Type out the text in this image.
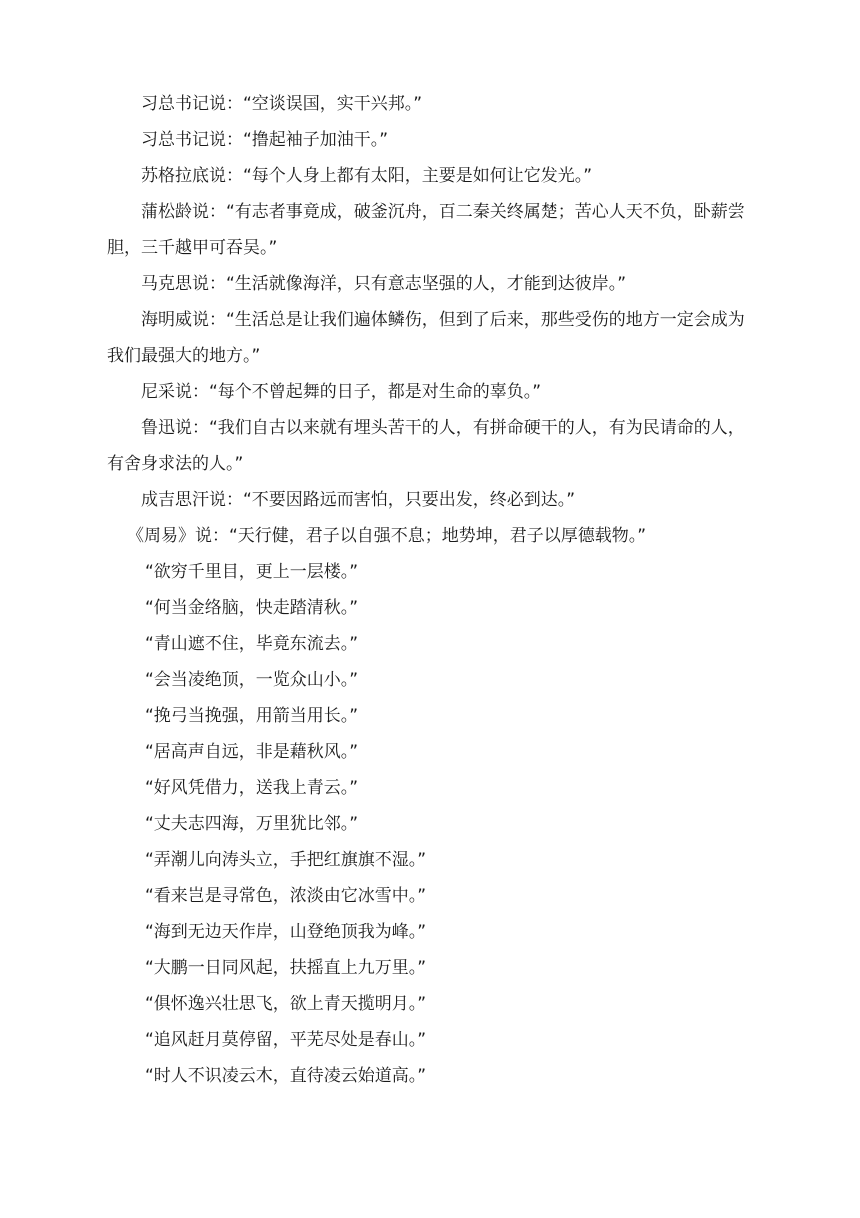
习总书记说：“空谈误国，实干兴邦。”

习总书记说：“撸起袖子加油干。”

苏格拉底说：“每个人身上都有太阳，主要是如何让它发光。”

蒲松龄说：“有志者事竟成，破釜沉舟，百二秦关终属楚；苦心人天不负，卧薪尝胆，三千越甲可吞吴。”

马克思说：“生活就像海洋，只有意志坚强的人，才能到达彼岸。”

海明威说：“生活总是让我们遍体鳞伤，但到了后来，那些受伤的地方一定会成为我们最强大的地方。”

尼采说：“每个不曾起舞的日子，都是对生命的辜负。”

鲁迅说：“我们自古以来就有埋头苦干的人，有拼命硬干的人，有为民请命的人，有舍身求法的人。”

成吉思汗说：“不要因路远而害怕，只要出发，终必到达。”

《周易》说：“天行健，君子以自强不息；地势坤，君子以厚德载物。”

“欲穷千里目，更上一层楼。”

“何当金络脑，快走踏清秋。”

“青山遮不住，毕竟东流去。”

“会当凌绝顶，一览众山小。”

“挽弓当挽强，用箭当用长。”

“居高声自远，非是藉秋风。”

“好风凭借力，送我上青云。”

“丈夫志四海，万里犹比邻。”

“弄潮儿向涛头立，手把红旗旗不湿。”

“看来岂是寻常色，浓淡由它冰雪中。”

“海到无边天作岸，山登绝顶我为峰。”

“大鹏一日同风起，扶摇直上九万里。”

“俱怀逸兴壮思飞，欲上青天揽明月。”

“追风赶月莫停留，平芜尽处是春山。”

“时人不识凌云木，直待凌云始道高。”
